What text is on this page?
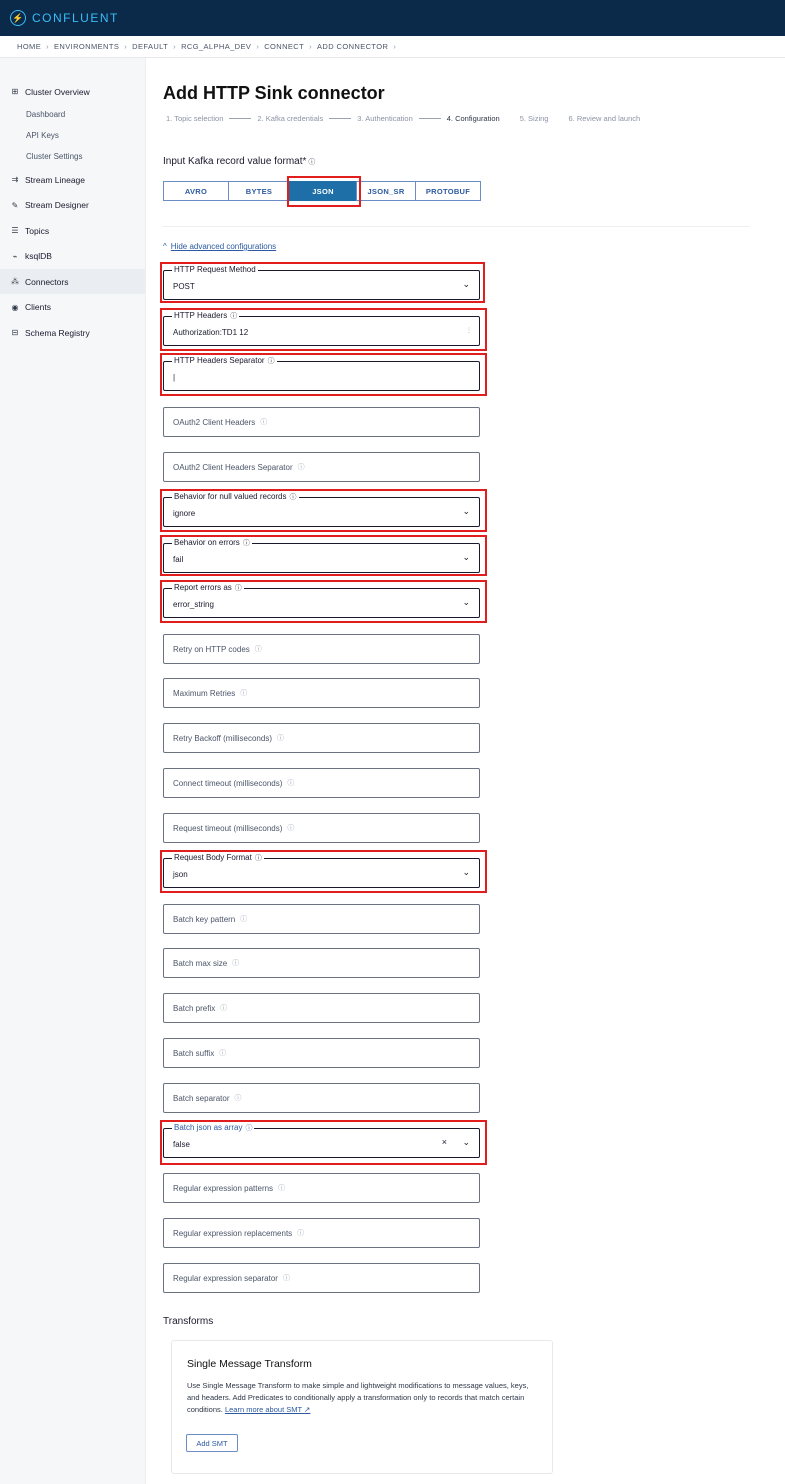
⚡ CONFLUENT
HOME › ENVIRONMENTS › DEFAULT › RCG_ALPHA_DEV › CONNECT › ADD CONNECTOR ›
⊞ Cluster Overview
Dashboard
API Keys
Cluster Settings
⇉ Stream Lineage
✎ Stream Designer
☰ Topics
⌁ ksqlDB
⁂ Connectors
◉ Clients
⊟ Schema Registry
Add HTTP Sink connector
1. Topic selection	2. Kafka credentials	3. Authentication	4. Configuration	5. Sizing	6. Review and launch
Input Kafka record value format* ⓘ
AVRO	BYTES	JSON	JSON_SR	PROTOBUF
^ Hide advanced configurations
HTTP Request Method
POST	⌄
HTTP Headers ⓘ
Authorization:TD1 12	⋮
HTTP Headers Separator ⓘ
|
OAuth2 Client Headers ⓘ
OAuth2 Client Headers Separator ⓘ
Behavior for null valued records ⓘ
ignore	⌄
Behavior on errors ⓘ
fail	⌄
Report errors as ⓘ
error_string	⌄
Retry on HTTP codes ⓘ
Maximum Retries ⓘ
Retry Backoff (milliseconds) ⓘ
Connect timeout (milliseconds) ⓘ
Request timeout (milliseconds) ⓘ
Request Body Format ⓘ
json	⌄
Batch key pattern ⓘ
Batch max size ⓘ
Batch prefix ⓘ
Batch suffix ⓘ
Batch separator ⓘ
Batch json as array ⓘ
false	× ⌄
Regular expression patterns ⓘ
Regular expression replacements ⓘ
Regular expression separator ⓘ
Transforms
Single Message Transform
Use Single Message Transform to make simple and lightweight modifications to message values, keys, and headers. Add Predicates to conditionally apply a transformation only to records that match certain conditions. Learn more about SMT ↗
Add SMT
